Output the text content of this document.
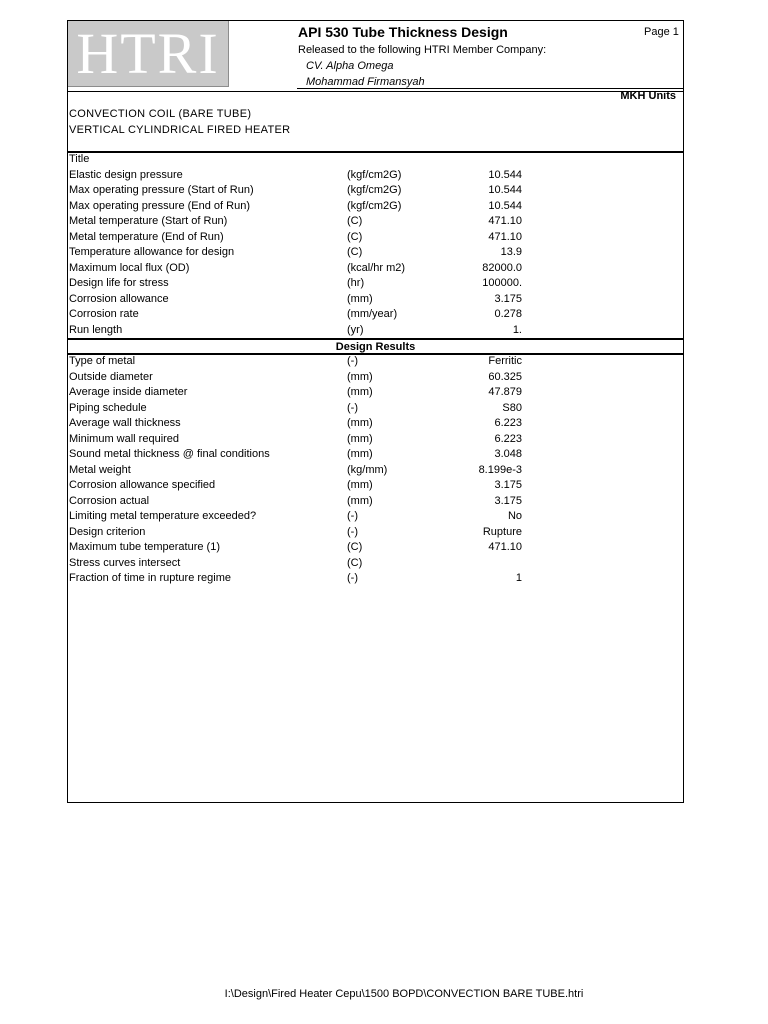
HTRI	API 530 Tube Thickness Design	Page 1
Released to the following HTRI Member Company:
CV. Alpha Omega
Mohammad Firmansyah
MKH Units
CONVECTION COIL (BARE TUBE)
VERTICAL CYLINDRICAL FIRED HEATER
Title
Elastic design pressure	(kgf/cm2G)	10.544
Max operating pressure (Start of Run)	(kgf/cm2G)	10.544
Max operating pressure (End of Run)	(kgf/cm2G)	10.544
Metal temperature (Start of Run)	(C)	471.10
Metal temperature (End of Run)	(C)	471.10
Temperature allowance for design	(C)	13.9
Maximum local flux (OD)	(kcal/hr m2)	82000.0
Design life for stress	(hr)	100000.
Corrosion allowance	(mm)	3.175
Corrosion rate	(mm/year)	0.278
Run length	(yr)	1.
Design Results
Type of metal	(-)	Ferritic
Outside diameter	(mm)	60.325
Average inside diameter	(mm)	47.879
Piping schedule	(-)	S80
Average wall thickness	(mm)	6.223
Minimum wall required	(mm)	6.223
Sound metal thickness @ final conditions	(mm)	3.048
Metal weight	(kg/mm)	8.199e-3
Corrosion allowance specified	(mm)	3.175
Corrosion actual	(mm)	3.175
Limiting metal temperature exceeded?	(-)	No
Design criterion	(-)	Rupture
Maximum tube temperature (1)	(C)	471.10
Stress curves intersect	(C)
Fraction of time in rupture regime	(-)	1
I:\Design\Fired Heater Cepu\1500 BOPD\CONVECTION BARE TUBE.htri
